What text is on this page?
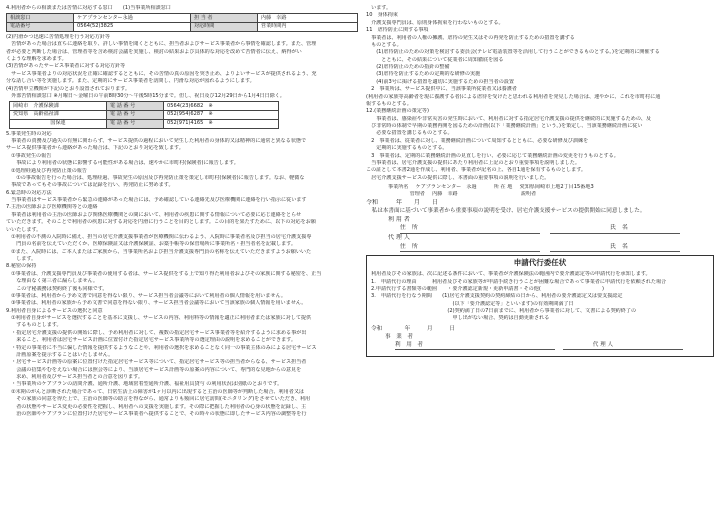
4.利用者からの相談または苦情に対応する窓口　　(1)当事業所相談窓口

相談窓口	ケアプランセンター永過	担 当 者	内藤　幸路
電話番号	0564(52)3825	対応時間	営業時間内

(2)円滑かつ迅速に苦情処理を行う対応方針等

　苦情があった場合は直ちに連絡を取り、詳しい事情を聞くとともに、担当者およびサービス事業者から事情を確認します。また、管理

者が必要と判断した場合は、管理者等を含め検討会議を実施し、検討の結果および具体的な対応を改めて苦情者に伝え、納得がい

くような理解を求めます。

(3)苦情があったサービス事業者に対する対応方針等

　サービス事業者よりの対応状況を正確に確認するとともに、その苦情の真の原因を突き止め、よりよいサービスが提供されるよう、充

分な話し合い等を実施します。また、定期的にサービス事業者を訪問し、円滑な対応が図れるようにします。

(4)苦情申立機関が下記のとおり設置されております。

　外部苦情相談窓口 ※月曜日～金曜日の午前8時30分～午後5時15分まで。但し、祝日及び12月29日から1月4日日除く。

岡崎市　介護保険課	電 話 番 号	0564(23)6682　※
愛知県　高齢福祉課	電 話 番 号	052(954)6287　※
国保連	電 話 番 号	052(971)4165　※

5.事業発生時の対応

　事業者の責務及び過失の有無に関わらず、サービス提供の過程において発生した利用者の身体的又は精神的に通常と異なる状態で

サービス提供事業者から連絡があった場合は、下記のとおり対応を致します。

　①事故発生の報告

　　事故により利用者の状態に影響する可能性がある場合は、速やかに市町村(保険者)に報告します。

　②処理経過及び再発防止策の報告

　　①の事故報告を行った場合は、処理経過、事故発生の原因及び再発防止策を策定し市町村(保険者)に報告します。なお、軽微な

　事故であってもその事故については記録を行い、再発防止に努めます。

6.緊急時の対応方法

　当事業者はサービス事業者から緊急の連絡があった場合には、予め確認している連絡先及び医療機関に連絡を行い指示に従います

7.主治の医師および医療機関等との連絡

　事業者は利用者の主治の医師および関係医療機関との間において、利用者の疾患に関する情報について必要に応じ連絡をとらせ

ていただきます。そのことで利用者の疾患に対する対応を円滑に行うことを目的とします。この目的を果たすために、以下の対応をお願

いいたします。

　①利用者の不測の入院時に備え、担当の居宅介護支援事業者が医療機関に伝わるよう、入院時に事業者名及び担当の居宅介護支援専

　　門員の名前を伝えていただくか、医療保険証又は介護保険証、お薬手帳等の保管場所に事業所名・担当者名を記載します。

　②また、入院時には、ご本人またはご家族から、当事業所名および担当介護支援専門員の名称を伝えていただきますようお願いいた

　　します。

8.秘密の保持

　①事業者は、介護支援専門員及び事業者の使用する者は、サービス提供をする上で知り得た利用者およびその家族に関する秘密を、正当

　　な理由なく第三者に漏らしません。

　　この守秘義務は契約終了後も同様です。

　②事業者は、利用者から予め文書で同意を得ない限り、サービス担当者会議等において利用者の個人情報を用いません。

　③事業者は、利用者の家族から予め文書で同意を得ない限り、サービス担当者会議等において当該家族の個人情報を用いません。

9.利用者自身によるサービスの選択と同意

　①利用者自身がサービスを選択することを基本に支援し、サービスの内容、利用料等の情報を適正に利用者または家族に対して提供

　　するものとします。

　・指定居宅介護支援の提供の開始に際し、予め利用者に対して、複数の指定居宅サービス事業者等を紹介するように求める事が出

　　来ること、利用者は居宅サービス計画に位置付けた指定居宅サービス事業所等の選定理由の説明を求めることができます。

　・特定の事業者に不当に偏した情報を提供するようなことや、利用者の選択を求めることなく同一の事業主体のみによる居宅サービス

　　計画原案を提示することはいたしません。

　・居宅サービス計画等の原案に位置付けた指定居宅サービス等について、指定居宅サービス等の担当者からなる、サービス担当者

　　会議の招集やむをえない場合には照会等により、当該居宅サービス計画等の原案の内容について、専門的な見地からの意見を

　　求め、利用者及びサービス担当者との合意を図ります。

　・当事業所のケアプランの訪問介護、通所介護、地域密着型通所介護、福祉用具貸与 の利用状況は別紙のとおりです。

　②末期のがんと診断された場合であって、日常生活上の障害が1ヶ月以内に出現すると主治の医師等が判断した場合、利用者又は

　　その家族の同意を得た上で、主治の医師等の助言を得ながら、通常よりも頻回に居宅訪問(モニタリング)をさせていただき、利用

　　者の状態やサービス変更の必要性を把握し、利用者への支援を実施します。その際に把握した利用者の心身の状態を記録し、主

　　治の医師やケアプランに位置付けた居宅サービス事業者へ提供することで、その時々の状態に即したサービス内容の調整等を行

　います。

10　身体拘束

　介護支援専門員は、原則身体拘束を行わないものとする。

11　虐待防止に関する事項

　事業者は、利用者の人権の擁護、虐待の発生又はその再発を防止するための措置を講ずる

　ものとする。

　　(1)虐待防止のための対策を検討する委員会(テレビ電話装置等を活用して行うことができるものとする。)を定期的に開催する

　　　とともに、その結果について従業者に周知徹底を図る

　　(2)虐待防止のための指針の整備

　　(3)虐待を防止するための定期的な研修の実施

　　(4)前3号に掲げる措置を適切に実施するための担当者の設置

　2　事業所は、サービス提供中に、当該事業所従業者又は養護者

(利用者の家族等高齢者を現に養護する者)による虐待を受けたと思われる利用者を発見した場合は、速やかに、これを市町村に通

報するものとする。

12.(業務継続計画の策定等)

　　事業者は、感染症や非常災害の発生時において、利用者に対する指定居宅介護支援の提供を継続的に実施するための、及

　び非常時の体制で早期の業務再開を図るための計画(以下「業務継続計画」という。)を策定し、当該業務継続計画に従い

　　必要な措置を講じるものとする。

　2　事業者は、従業者に対し、業務継続計画について周知するとともに、必要な研修及び訓練を

　　定期的に実施するものとする。

　3　事業者は、定期的に業務継続計画の見直しを行い、必要に応じて業務継続計画の変更を行うものとする。

　当事業者は、居宅介護支援の提供にあたり利用者に上記のとおり重要事項を説明しました。

この証として本書2通を作成し、利用者、事業者が記名の上、各自1通を保有するものとします。

　居宅介護支援サービスの提供に際し、本書面の重要事項の説明を行いました。

事業所名 ケアプランセンター　永過	所 在 地 愛知県岡崎市上地2丁目15番地3

管理者 内藤　幸路	説明者

令和　　　年　　月　　日

　私は本書面に基づいて事業者から重要事項の説明を受け、居宅介護支援サービスの提供開始に同意しました。

利 用 者

住　所	氏　名

代 理 人

住　所	氏　名

申請代行委任状

利用者及びその家族は、次に記述る条件において、事業者が介護保険法の範囲内で要介護認定等の申請代行を承知します。

1.　申請代行の理由　　　利用者及びその家族等が申請手続き行うことが困難な場合であって事業者に申請代行を依頼された場合

2.申請代行する書類等の範囲　　・要介護認定新規・更新申請書・その他(　　　　　　　　　　　　)

3.　申請代行を行なう期間　　(1)居宅介護支援契約の契約締結の日から、利用者の要介護認定又は要支援認定

　　　　　　　　　　　　　　　　(以下「要介護認定等」といいます)の有効期間満了日

　　　　　　　　　　　　　　　(2)契約満了日の7日前までに、利用者から事業者に対して、文書による契約終了の

　　　　　　　　　　　　　　　　申し出がない場合、契約は自動更新される

令和　　　　年　　　月　　　日

事　業　者

利　用　者	代 理 人
